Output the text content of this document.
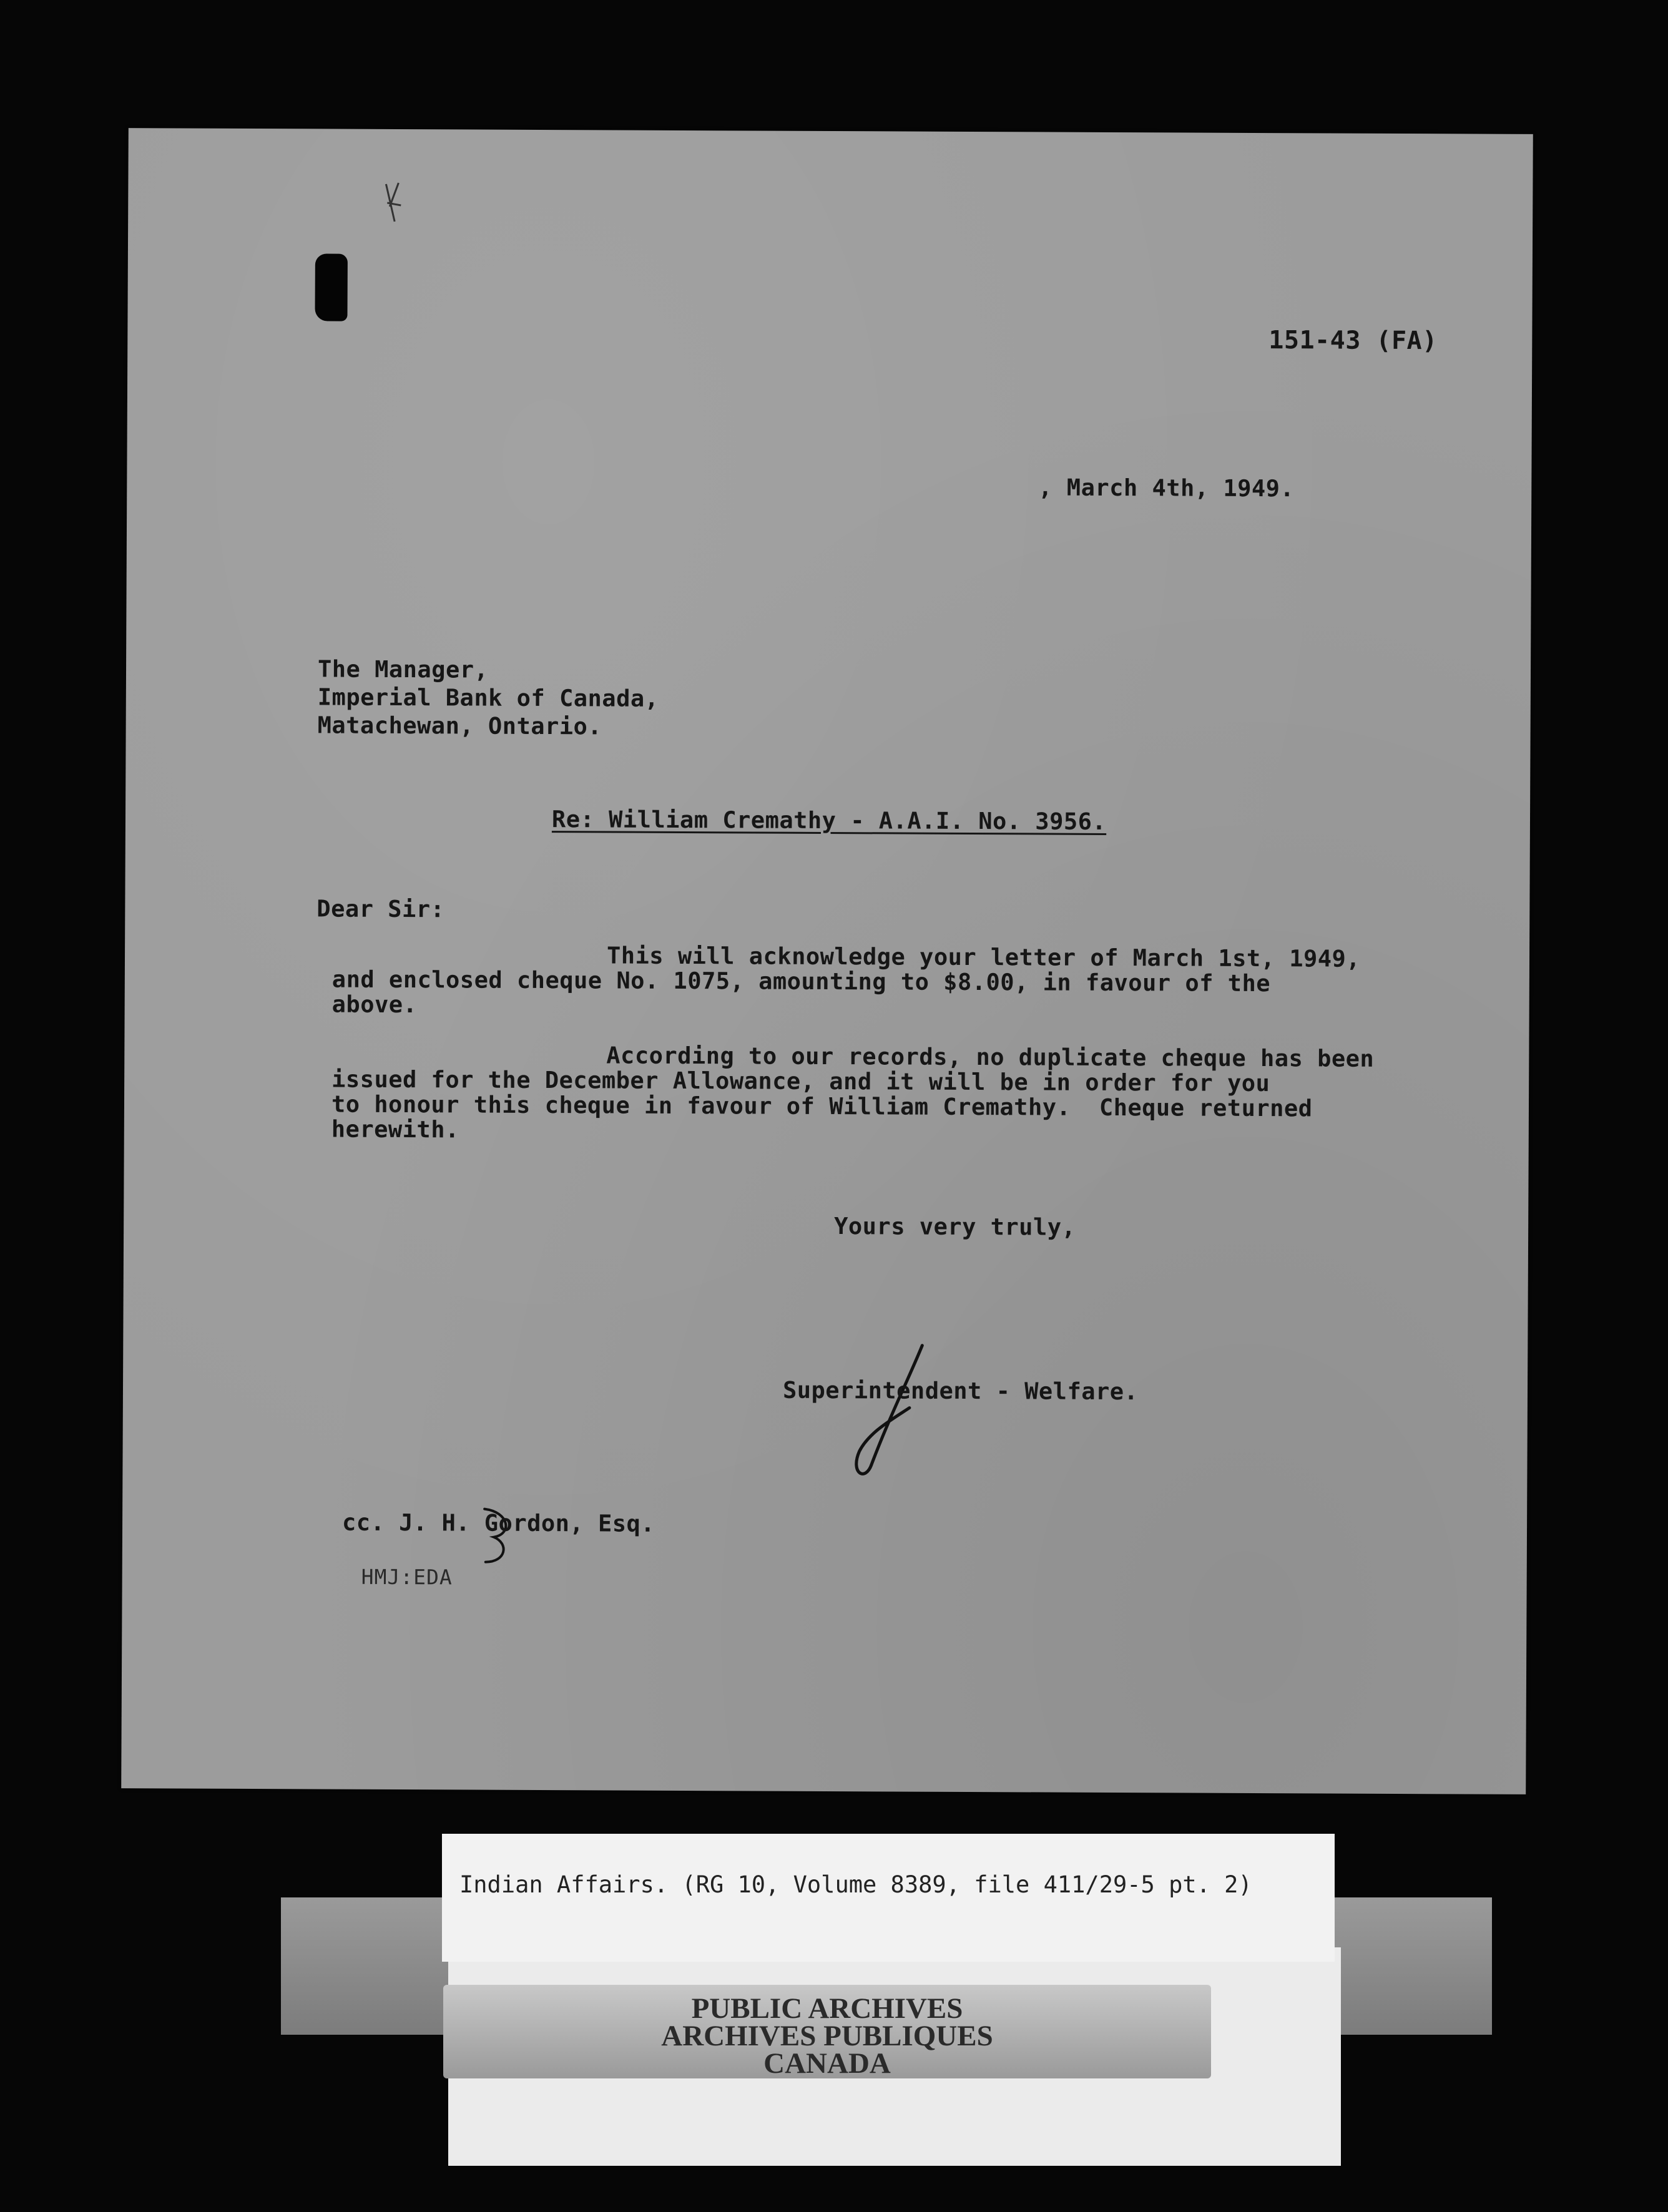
151-43 (FA)
, March 4th, 1949.
The Manager,
Imperial Bank of Canada,
Matachewan, Ontario.
Re: William Cremathy - A.A.I. No. 3956.
Dear Sir:
This will acknowledge your letter of March 1st, 1949,
and enclosed cheque No. 1075, amounting to $8.00, in favour of the
above.

According to our records, no duplicate cheque has been
issued for the December Allowance, and it will be in order for you
to honour this cheque in favour of William Cremathy.  Cheque returned
herewith.
Yours very truly,
Superintendent - Welfare.
cc. J. H. Gordon, Esq.
HMJ:EDA
Indian Affairs. (RG 10, Volume 8389, file 411/29-5 pt. 2)
PUBLIC ARCHIVES
ARCHIVES PUBLIQUES
CANADA
